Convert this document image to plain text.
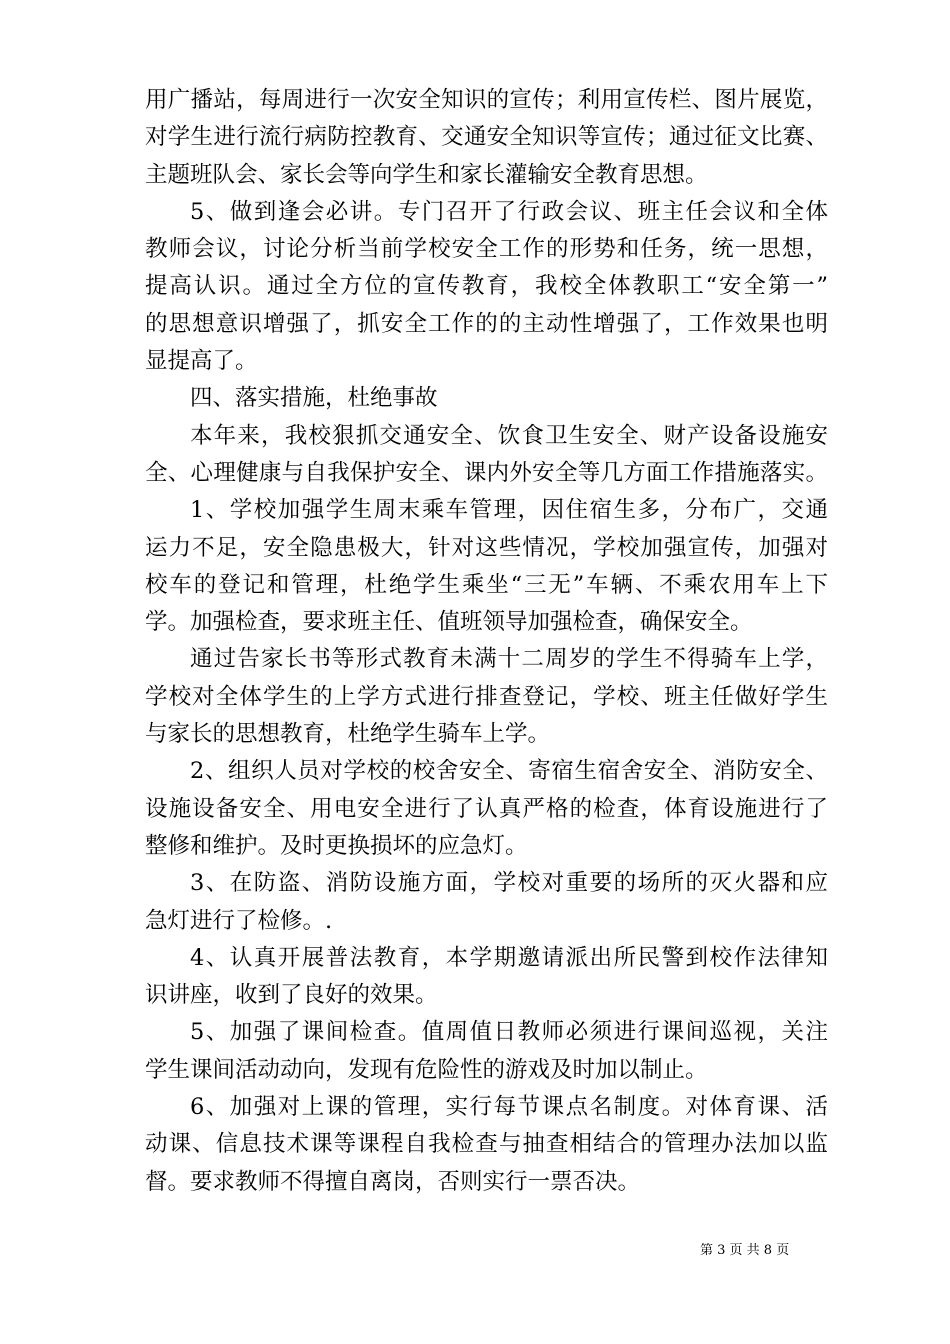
用广播站，每周进行一次安全知识的宣传；利用宣传栏、图片展览，
对学生进行流行病防控教育、交通安全知识等宣传；通过征文比赛、
主题班队会、家长会等向学生和家长灌输安全教育思想。
5、做到逢会必讲。专门召开了行政会议、班主任会议和全体
教师会议，讨论分析当前学校安全工作的形势和任务，统一思想，
提高认识。通过全方位的宣传教育，我校全体教职工“安全第一”
的思想意识增强了，抓安全工作的的主动性增强了，工作效果也明
显提高了。
四、落实措施，杜绝事故
本年来，我校狠抓交通安全、饮食卫生安全、财产设备设施安
全、心理健康与自我保护安全、课内外安全等几方面工作措施落实。
1、学校加强学生周末乘车管理，因住宿生多，分布广，交通
运力不足，安全隐患极大，针对这些情况，学校加强宣传，加强对
校车的登记和管理，杜绝学生乘坐“三无”车辆、不乘农用车上下
学。加强检查，要求班主任、值班领导加强检查，确保安全。
通过告家长书等形式教育未满十二周岁的学生不得骑车上学，
学校对全体学生的上学方式进行排查登记，学校、班主任做好学生
与家长的思想教育，杜绝学生骑车上学。
2、组织人员对学校的校舍安全、寄宿生宿舍安全、消防安全、
设施设备安全、用电安全进行了认真严格的检查，体育设施进行了
整修和维护。及时更换损坏的应急灯。
3、在防盗、消防设施方面，学校对重要的场所的灭火器和应
急灯进行了检修。.
4、认真开展普法教育，本学期邀请派出所民警到校作法律知
识讲座，收到了良好的效果。
5、加强了课间检查。值周值日教师必须进行课间巡视，关注
学生课间活动动向，发现有危险性的游戏及时加以制止。
6、加强对上课的管理，实行每节课点名制度。对体育课、活
动课、信息技术课等课程自我检查与抽查相结合的管理办法加以监
督。要求教师不得擅自离岗，否则实行一票否决。
第 3 页 共 8 页
